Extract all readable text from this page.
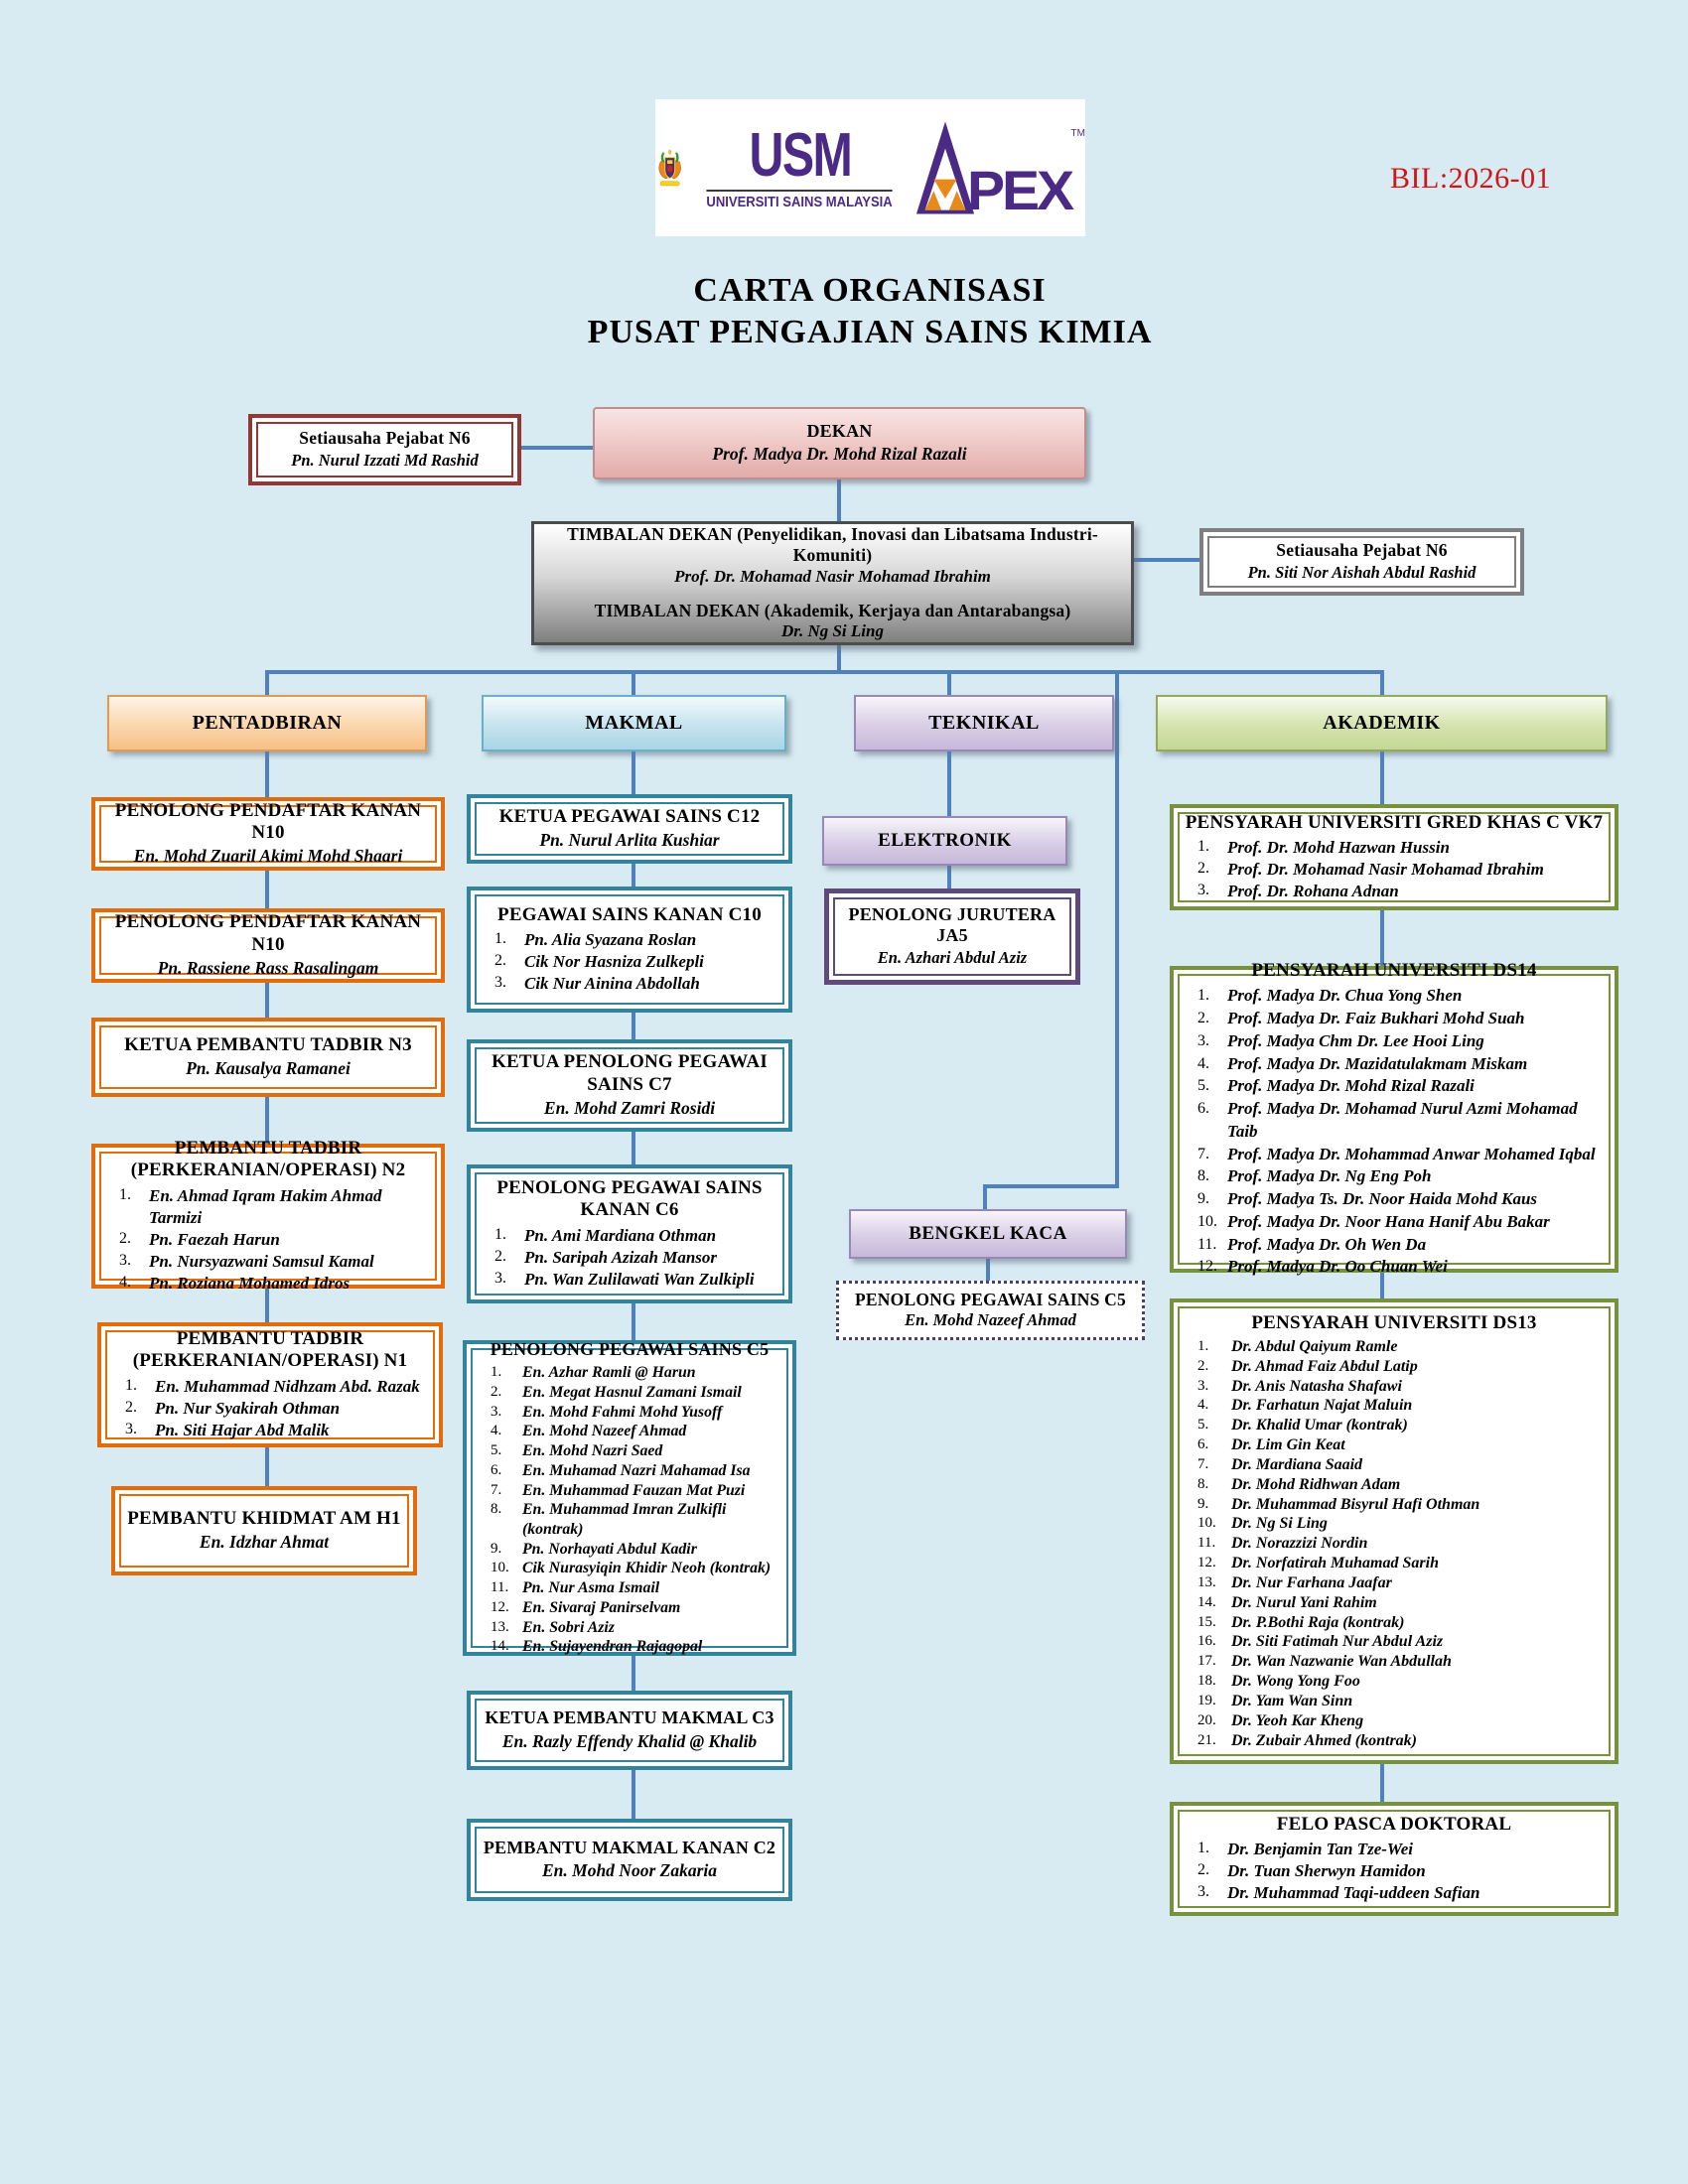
USM
UNIVERSITI SAINS MALAYSIA PEX
TM
BIL:2026-01
CARTA ORGANISASI
PUSAT PENGAJIAN SAINS KIMIA
Setiausaha Pejabat N6
Pn. Nurul Izzati Md Rashid
DEKAN
Prof. Madya Dr. Mohd Rizal Razali
TIMBALAN DEKAN (Penyelidikan, Inovasi dan Libatsama Industri-Komuniti)
Prof. Dr. Mohamad Nasir Mohamad Ibrahim
TIMBALAN DEKAN (Akademik, Kerjaya dan Antarabangsa)
Dr. Ng Si Ling
Setiausaha Pejabat N6
Pn. Siti Nor Aishah Abdul Rashid
PENTADBIRAN	MAKMAL	TEKNIKAL	AKADEMIK
PENOLONG PENDAFTAR KANAN N10
En. Mohd Zuaril Akimi Mohd Shaari
PENOLONG PENDAFTAR KANAN N10
Pn. Rassiene Rass Rasalingam
KETUA PEMBANTU TADBIR N3
Pn. Kausalya Ramanei
PEMBANTU TADBIR
(PERKERANIAN/OPERASI) N2
1.	En. Ahmad Iqram Hakim Ahmad Tarmizi
2.	Pn. Faezah Harun
3.	Pn. Nursyazwani Samsul Kamal
4.	Pn. Roziana Mohamed Idros
PEMBANTU TADBIR
(PERKERANIAN/OPERASI) N1
1.	En. Muhammad Nidhzam Abd. Razak
2.	Pn. Nur Syakirah Othman
3.	Pn. Siti Hajar Abd Malik
PEMBANTU KHIDMAT AM H1
En. Idzhar Ahmat
KETUA PEGAWAI SAINS C12
Pn. Nurul Arlita Kushiar
PEGAWAI SAINS KANAN C10
1.	Pn. Alia Syazana Roslan
2.	Cik Nor Hasniza Zulkepli
3.	Cik Nur Ainina Abdollah
KETUA PENOLONG PEGAWAI
SAINS C7
En. Mohd Zamri Rosidi
PENOLONG PEGAWAI SAINS
KANAN C6
1.	Pn. Ami Mardiana Othman
2.	Pn. Saripah Azizah Mansor
3.	Pn. Wan Zulilawati Wan Zulkipli
PENOLONG PEGAWAI SAINS C5
1.	En. Azhar Ramli @ Harun
2.	En. Megat Hasnul Zamani Ismail
3.	En. Mohd Fahmi Mohd Yusoff
4.	En. Mohd Nazeef Ahmad
5.	En. Mohd Nazri Saed
6.	En. Muhamad Nazri Mahamad Isa
7.	En. Muhammad Fauzan Mat Puzi
8.	En. Muhammad Imran Zulkifli (kontrak)
9.	Pn. Norhayati Abdul Kadir
10. Cik Nurasyiqin Khidir Neoh (kontrak)
11. Pn. Nur Asma Ismail
12. En. Sivaraj Panirselvam
13. En. Sobri Aziz
14. En. Sujayendran Rajagopal
KETUA PEMBANTU MAKMAL C3
En. Razly Effendy Khalid @ Khalib
PEMBANTU MAKMAL KANAN C2
En. Mohd Noor Zakaria
ELEKTRONIK
PENOLONG JURUTERA
JA5
En. Azhari Abdul Aziz
BENGKEL KACA
PENOLONG PEGAWAI SAINS C5
En. Mohd Nazeef Ahmad
PENSYARAH UNIVERSITI GRED KHAS C VK7
1.	Prof. Dr. Mohd Hazwan Hussin
2.	Prof. Dr. Mohamad Nasir Mohamad Ibrahim
3.	Prof. Dr. Rohana Adnan
PENSYARAH UNIVERSITI DS14
1.	Prof. Madya Dr. Chua Yong Shen
2.	Prof. Madya Dr. Faiz Bukhari Mohd Suah
3.	Prof. Madya Chm Dr. Lee Hooi Ling
4.	Prof. Madya Dr. Mazidatulakmam Miskam
5.	Prof. Madya Dr. Mohd Rizal Razali
6.	Prof. Madya Dr. Mohamad Nurul Azmi Mohamad Taib
7.	Prof. Madya Dr. Mohammad Anwar Mohamed Iqbal
8.	Prof. Madya Dr. Ng Eng Poh
9.	Prof. Madya Ts. Dr. Noor Haida Mohd Kaus
10. Prof. Madya Dr. Noor Hana Hanif Abu Bakar
11. Prof. Madya Dr. Oh Wen Da
12. Prof. Madya Dr. Oo Chuan Wei
PENSYARAH UNIVERSITI DS13
1.	Dr. Abdul Qaiyum Ramle
2.	Dr. Ahmad Faiz Abdul Latip
3.	Dr. Anis Natasha Shafawi
4.	Dr. Farhatun Najat Maluin
5.	Dr. Khalid Umar (kontrak)
6.	Dr. Lim Gin Keat
7.	Dr. Mardiana Saaid
8.	Dr. Mohd Ridhwan Adam
9.	Dr. Muhammad Bisyrul Hafi Othman
10. Dr. Ng Si Ling
11. Dr. Norazzizi Nordin
12. Dr. Norfatirah Muhamad Sarih
13. Dr. Nur Farhana Jaafar
14. Dr. Nurul Yani Rahim
15. Dr. P.Bothi Raja (kontrak)
16. Dr. Siti Fatimah Nur Abdul Aziz
17. Dr. Wan Nazwanie Wan Abdullah
18. Dr. Wong Yong Foo
19. Dr. Yam Wan Sinn
20. Dr. Yeoh Kar Kheng
21. Dr. Zubair Ahmed (kontrak)
FELO PASCA DOKTORAL
1.	Dr. Benjamin Tan Tze-Wei
2.	Dr. Tuan Sherwyn Hamidon
3.	Dr. Muhammad Taqi-uddeen Safian
